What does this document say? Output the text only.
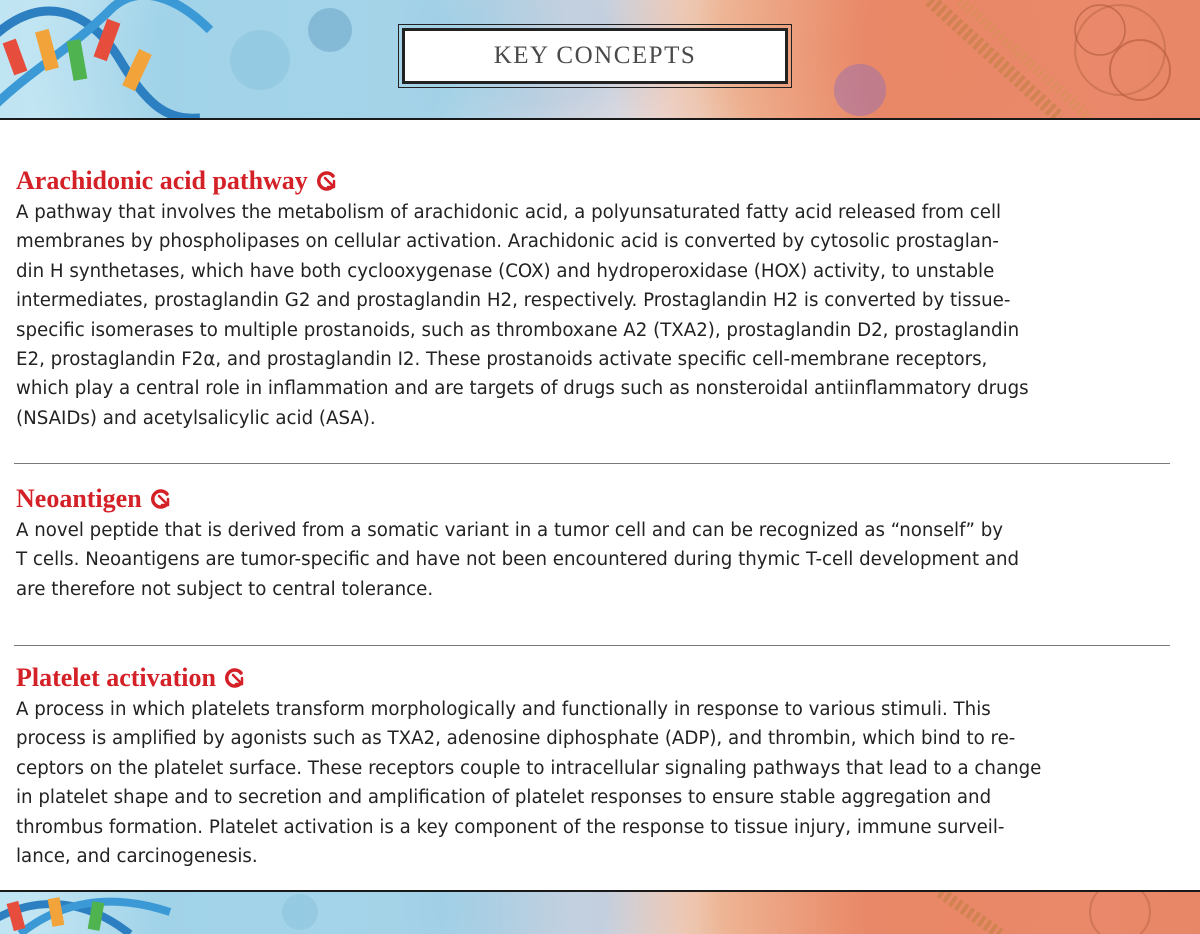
KEY CONCEPTS
Arachidonic acid pathway
A pathway that involves the metabolism of arachidonic acid, a polyunsaturated fatty acid released from cell
membranes by phospholipases on cellular activation. Arachidonic acid is converted by cytosolic prostaglan-
din H synthetases, which have both cyclooxygenase (COX) and hydroperoxidase (HOX) activity, to unstable
intermediates, prostaglandin G2 and prostaglandin H2, respectively. Prostaglandin H2 is converted by tissue-
specific isomerases to multiple prostanoids, such as thromboxane A2 (TXA2), prostaglandin D2, prostaglandin
E2, prostaglandin F2α, and prostaglandin I2. These prostanoids activate specific cell-membrane receptors,
which play a central role in inflammation and are targets of drugs such as nonsteroidal antiinflammatory drugs
(NSAIDs) and acetylsalicylic acid (ASA).
Neoantigen
A novel peptide that is derived from a somatic variant in a tumor cell and can be recognized as “nonself” by
T cells. Neoantigens are tumor-specific and have not been encountered during thymic T-cell development and
are therefore not subject to central tolerance.
Platelet activation
A process in which platelets transform morphologically and functionally in response to various stimuli. This
process is amplified by agonists such as TXA2, adenosine diphosphate (ADP), and thrombin, which bind to re-
ceptors on the platelet surface. These receptors couple to intracellular signaling pathways that lead to a change
in platelet shape and to secretion and amplification of platelet responses to ensure stable aggregation and
thrombus formation. Platelet activation is a key component of the response to tissue injury, immune surveil-
lance, and carcinogenesis.
